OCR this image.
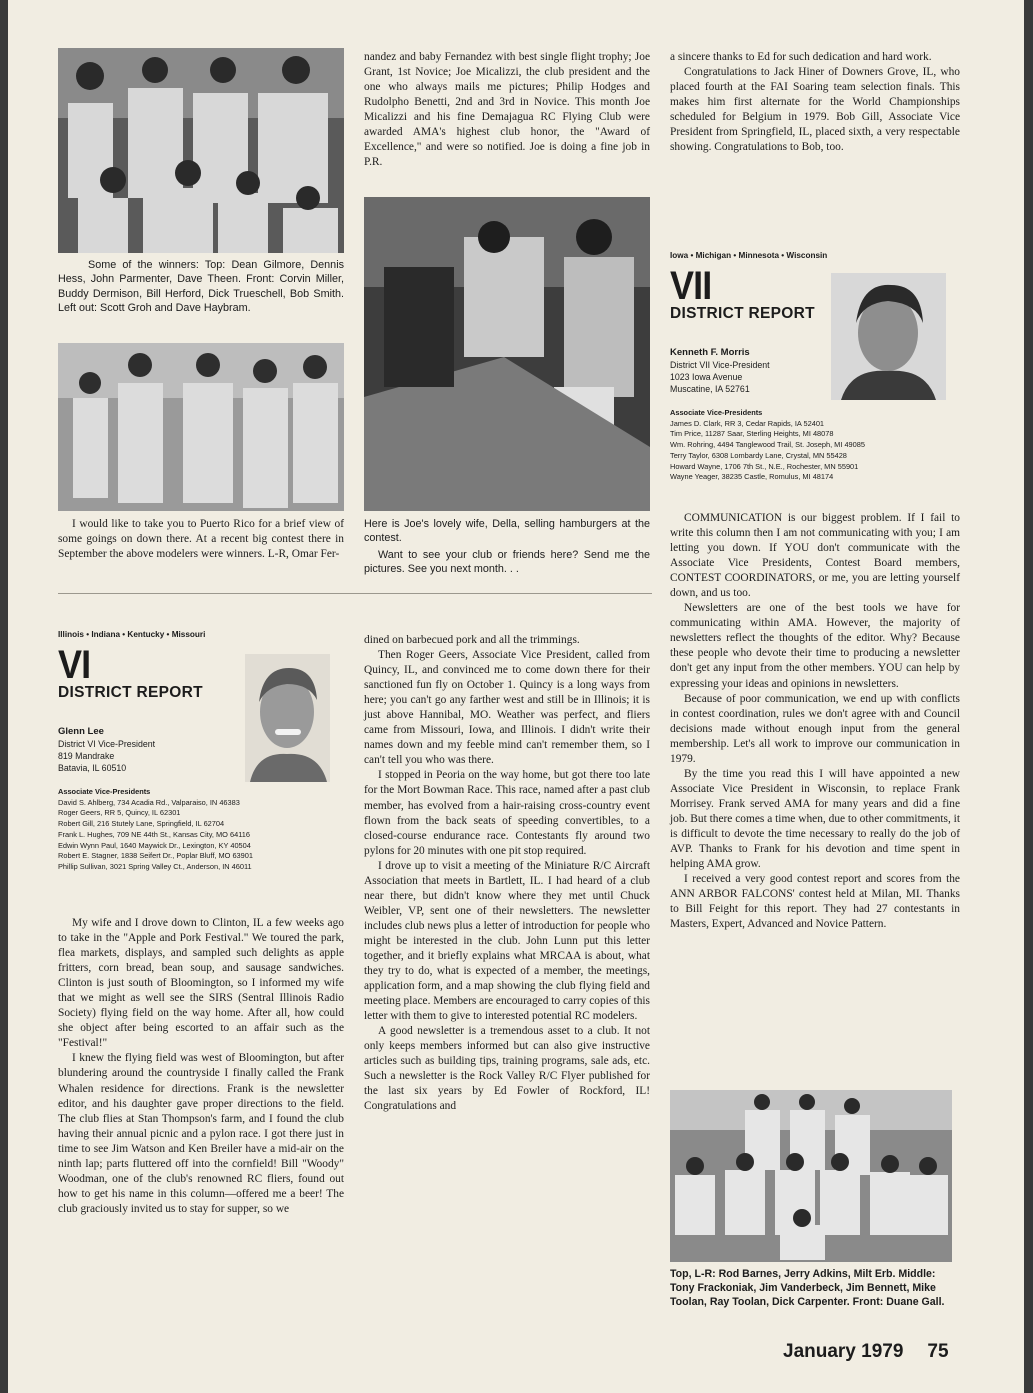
Some of the winners: Top: Dean Gilmore, Dennis Hess, John Parmenter, Dave Theen. Front: Corvin Miller, Buddy Dermison, Bill Herford, Dick Trueschell, Bob Smith. Left out: Scott Groh and Dave Haybram.

I would like to take you to Puerto Rico for a brief view of some goings on down there. At a recent big contest there in September the above modelers were winners. L-R, Omar Fer-

nandez and baby Fernandez with best single flight trophy; Joe Grant, 1st Novice; Joe Micalizzi, the club president and the one who always mails me pictures; Philip Hodges and Rudolpho Benetti, 2nd and 3rd in Novice. This month Joe Micalizzi and his fine Demajagua RC Flying Club were awarded AMA's highest club honor, the "Award of Excellence," and were so notified. Joe is doing a fine job in P.R.

Here is Joe's lovely wife, Della, selling hamburgers at the contest.

Want to see your club or friends here? Send me the pictures. See you next month. . .

a sincere thanks to Ed for such dedication and hard work.

Congratulations to Jack Hiner of Downers Grove, IL, who placed fourth at the FAI Soaring team selection finals. This makes him first alternate for the World Championships scheduled for Belgium in 1979. Bob Gill, Associate Vice President from Springfield, IL, placed sixth, a very respectable showing. Congratulations to Bob, too.

Iowa • Michigan • Minnesota • Wisconsin
VII
DISTRICT REPORT
Kenneth F. Morris
District VII Vice-President
1023 Iowa Avenue
Muscatine, IA 52761
Associate Vice-Presidents
James D. Clark, RR 3, Cedar Rapids, IA 52401
Tim Price, 11287 Saar, Sterling Heights, MI 48078
Wm. Rohring, 4494 Tanglewood Trail, St. Joseph, MI 49085
Terry Taylor, 6308 Lombardy Lane, Crystal, MN 55428
Howard Wayne, 1706 7th St., N.E., Rochester, MN 55901
Wayne Yeager, 38235 Castle, Romulus, MI 48174

COMMUNICATION is our biggest problem. If I fail to write this column then I am not communicating with you; I am letting you down. If YOU don't communicate with the Associate Vice Presidents, Contest Board members, CONTEST COORDINATORS, or me, you are letting yourself down, and us too.

Newsletters are one of the best tools we have for communicating within AMA. However, the majority of newsletters reflect the thoughts of the editor. Why? Because these people who devote their time to producing a newsletter don't get any input from the other members. YOU can help by expressing your ideas and opinions in newsletters.

Because of poor communication, we end up with conflicts in contest coordination, rules we don't agree with and Council decisions made without enough input from the general membership. Let's all work to improve our communication in 1979.

By the time you read this I will have appointed a new Associate Vice President in Wisconsin, to replace Frank Morrisey. Frank served AMA for many years and did a fine job. But there comes a time when, due to other commitments, it is difficult to devote the time necessary to really do the job of AVP. Thanks to Frank for his devotion and time spent in helping AMA grow.

I received a very good contest report and scores from the ANN ARBOR FALCONS' contest held at Milan, MI. Thanks to Bill Feight for this report. They had 27 contestants in Masters, Expert, Advanced and Novice Pattern.

Top, L-R: Rod Barnes, Jerry Adkins, Milt Erb. Middle: Tony Frackoniak, Jim Vanderbeck, Jim Bennett, Mike Toolan, Ray Toolan, Dick Carpenter. Front: Duane Gall.
Illinois • Indiana • Kentucky • Missouri
VI
DISTRICT REPORT
Glenn Lee
District VI Vice-President
819 Mandrake
Batavia, IL 60510
Associate Vice-Presidents
David S. Ahlberg, 734 Acadia Rd., Valparaiso, IN 46383
Roger Geers, RR 5, Quincy, IL 62301
Robert Gill, 216 Stutely Lane, Springfield, IL 62704
Frank L. Hughes, 709 NE 44th St., Kansas City, MO 64116
Edwin Wynn Paul, 1640 Maywick Dr., Lexington, KY 40504
Robert E. Stagner, 1838 Seifert Dr., Poplar Bluff, MO 63901
Phillip Sullivan, 3021 Spring Valley Ct., Anderson, IN 46011

My wife and I drove down to Clinton, IL a few weeks ago to take in the "Apple and Pork Festival." We toured the park, flea markets, displays, and sampled such delights as apple fritters, corn bread, bean soup, and sausage sandwiches. Clinton is just south of Bloomington, so I informed my wife that we might as well see the SIRS (Sentral Illinois Radio Society) flying field on the way home. After all, how could she object after being escorted to an affair such as the "Festival!"

I knew the flying field was west of Bloomington, but after blundering around the countryside I finally called the Frank Whalen residence for directions. Frank is the newsletter editor, and his daughter gave proper directions to the field. The club flies at Stan Thompson's farm, and I found the club having their annual picnic and a pylon race. I got there just in time to see Jim Watson and Ken Breiler have a mid-air on the ninth lap; parts fluttered off into the cornfield! Bill "Woody" Woodman, one of the club's renowned RC fliers, found out how to get his name in this column—offered me a beer! The club graciously invited us to stay for supper, so we

dined on barbecued pork and all the trimmings.

Then Roger Geers, Associate Vice President, called from Quincy, IL, and convinced me to come down there for their sanctioned fun fly on October 1. Quincy is a long ways from here; you can't go any farther west and still be in Illinois; it is just above Hannibal, MO. Weather was perfect, and fliers came from Missouri, Iowa, and Illinois. I didn't write their names down and my feeble mind can't remember them, so I can't tell you who was there.

I stopped in Peoria on the way home, but got there too late for the Mort Bowman Race. This race, named after a past club member, has evolved from a hair-raising cross-country event flown from the back seats of speeding convertibles, to a closed-course endurance race. Contestants fly around two pylons for 20 minutes with one pit stop required.

I drove up to visit a meeting of the Miniature R/C Aircraft Association that meets in Bartlett, IL. I had heard of a club near there, but didn't know where they met until Chuck Weibler, VP, sent one of their newsletters. The newsletter includes club news plus a letter of introduction for people who might be interested in the club. John Lunn put this letter together, and it briefly explains what MRCAA is about, what they try to do, what is expected of a member, the meetings, application form, and a map showing the club flying field and meeting place. Members are encouraged to carry copies of this letter with them to give to interested potential RC modelers.

A good newsletter is a tremendous asset to a club. It not only keeps members informed but can also give instructive articles such as building tips, training programs, sale ads, etc. Such a newsletter is the Rock Valley R/C Flyer published for the last six years by Ed Fowler of Rockford, IL! Congratulations and

January 1979 75
